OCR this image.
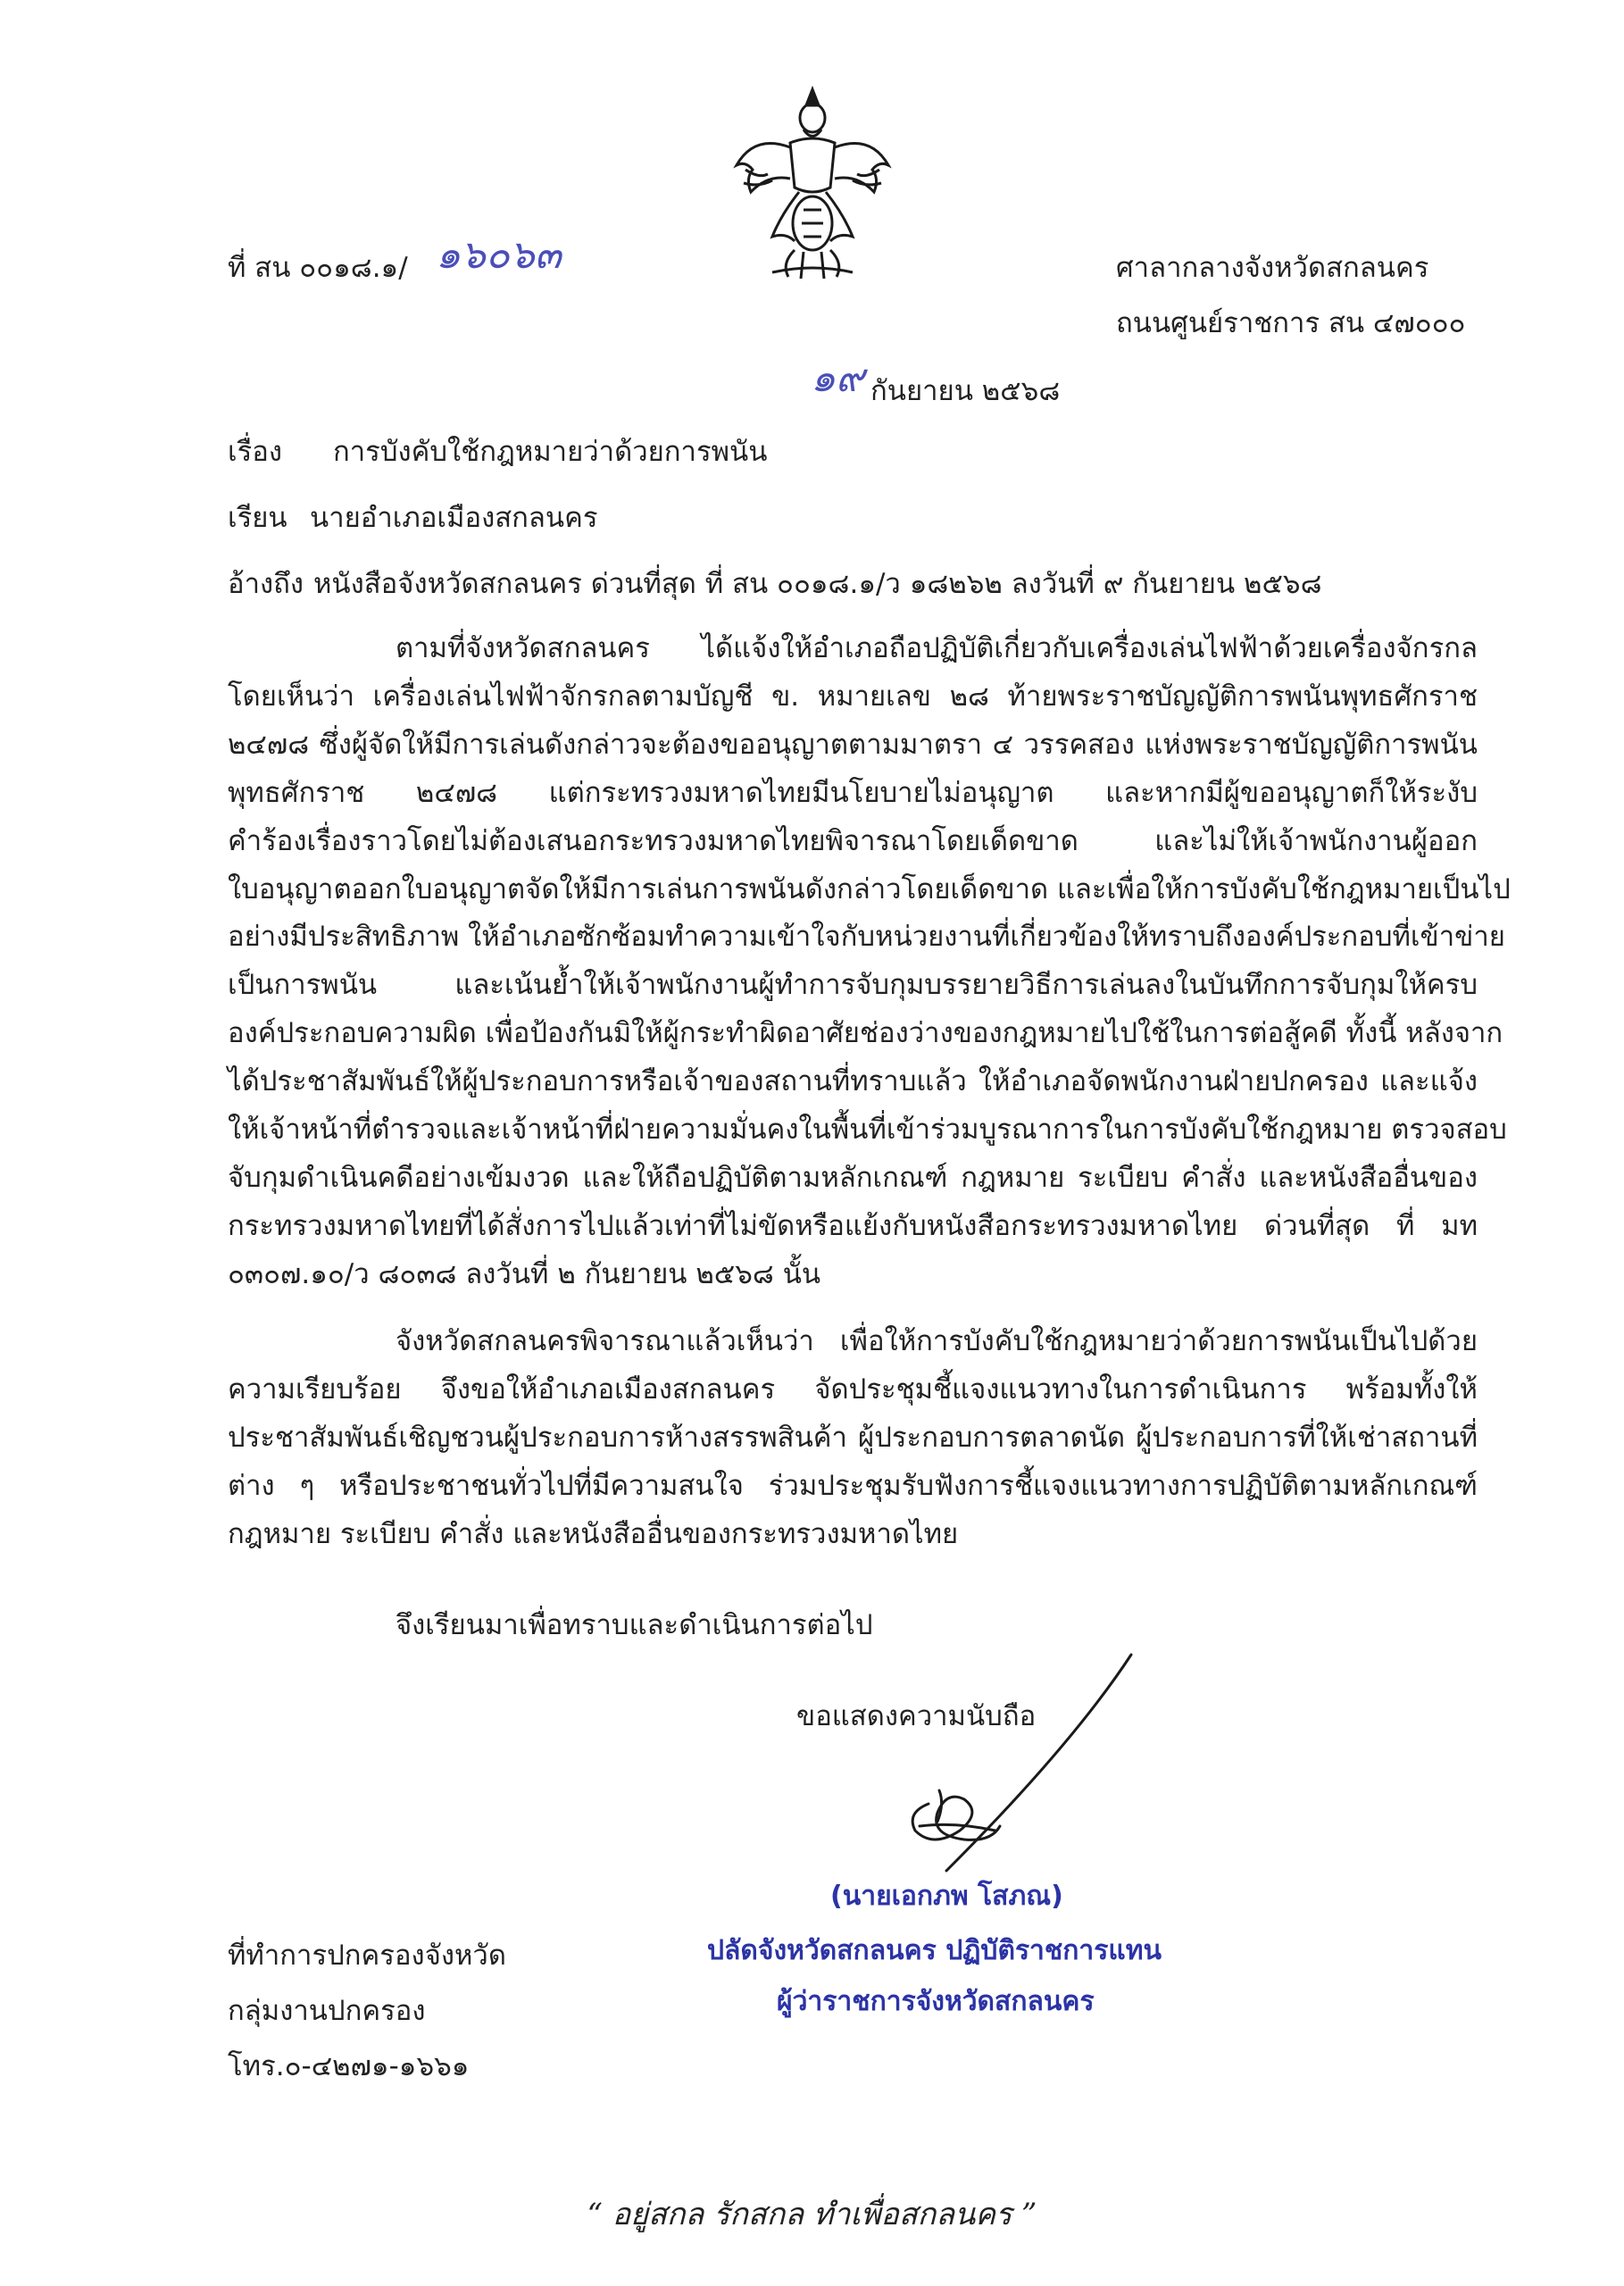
ที่ สน ๐๐๑๘.๑/ ๑๖๐๖๓	ศาลากลางจังหวัดสกลนคร
ถนนศูนย์ราชการ สน ๔๗๐๐๐
๑๙ กันยายน ๒๕๖๘
เรื่อง การบังคับใช้กฎหมายว่าด้วยการพนัน
เรียน นายอำเภอเมืองสกลนคร
อ้างถึง หนังสือจังหวัดสกลนคร ด่วนที่สุด ที่ สน ๐๐๑๘.๑/ว ๑๘๒๖๒ ลงวันที่ ๙ กันยายน ๒๕๖๘
ตามที่จังหวัดสกลนคร ได้แจ้งให้อำเภอถือปฏิบัติเกี่ยวกับเครื่องเล่นไฟฟ้าด้วยเครื่องจักรกล
โดยเห็นว่า เครื่องเล่นไฟฟ้าจักรกลตามบัญชี ข. หมายเลข ๒๘ ท้ายพระราชบัญญัติการพนันพุทธศักราช
๒๔๗๘ ซึ่งผู้จัดให้มีการเล่นดังกล่าวจะต้องขออนุญาตตามมาตรา ๔ วรรคสอง แห่งพระราชบัญญัติการพนัน
พุทธศักราช ๒๔๗๘ แต่กระทรวงมหาดไทยมีนโยบายไม่อนุญาต และหากมีผู้ขออนุญาตก็ให้ระงับ
คำร้องเรื่องราวโดยไม่ต้องเสนอกระทรวงมหาดไทยพิจารณาโดยเด็ดขาด และไม่ให้เจ้าพนักงานผู้ออก
ใบอนุญาตออกใบอนุญาตจัดให้มีการเล่นการพนันดังกล่าวโดยเด็ดขาด และเพื่อให้การบังคับใช้กฎหมายเป็นไป
อย่างมีประสิทธิภาพ ให้อำเภอซักซ้อมทำความเข้าใจกับหน่วยงานที่เกี่ยวข้องให้ทราบถึงองค์ประกอบที่เข้าข่าย
เป็นการพนัน และเน้นย้ำให้เจ้าพนักงานผู้ทำการจับกุมบรรยายวิธีการเล่นลงในบันทึกการจับกุมให้ครบ
องค์ประกอบความผิด เพื่อป้องกันมิให้ผู้กระทำผิดอาศัยช่องว่างของกฎหมายไปใช้ในการต่อสู้คดี ทั้งนี้ หลังจาก
ได้ประชาสัมพันธ์ให้ผู้ประกอบการหรือเจ้าของสถานที่ทราบแล้ว ให้อำเภอจัดพนักงานฝ่ายปกครอง และแจ้ง
ให้เจ้าหน้าที่ตำรวจและเจ้าหน้าที่ฝ่ายความมั่นคงในพื้นที่เข้าร่วมบูรณาการในการบังคับใช้กฎหมาย ตรวจสอบ
จับกุมดำเนินคดีอย่างเข้มงวด และให้ถือปฏิบัติตามหลักเกณฑ์ กฎหมาย ระเบียบ คำสั่ง และหนังสืออื่นของ
กระทรวงมหาดไทยที่ได้สั่งการไปแล้วเท่าที่ไม่ขัดหรือแย้งกับหนังสือกระทรวงมหาดไทย ด่วนที่สุด ที่ มท
๐๓๐๗.๑๐/ว ๘๐๓๘ ลงวันที่ ๒ กันยายน ๒๕๖๘ นั้น
จังหวัดสกลนครพิจารณาแล้วเห็นว่า เพื่อให้การบังคับใช้กฎหมายว่าด้วยการพนันเป็นไปด้วย
ความเรียบร้อย จึงขอให้อำเภอเมืองสกลนคร จัดประชุมชี้แจงแนวทางในการดำเนินการ พร้อมทั้งให้
ประชาสัมพันธ์เชิญชวนผู้ประกอบการห้างสรรพสินค้า ผู้ประกอบการตลาดนัด ผู้ประกอบการที่ให้เช่าสถานที่
ต่าง ๆ หรือประชาชนทั่วไปที่มีความสนใจ ร่วมประชุมรับฟังการชี้แจงแนวทางการปฏิบัติตามหลักเกณฑ์
กฎหมาย ระเบียบ คำสั่ง และหนังสืออื่นของกระทรวงมหาดไทย
จึงเรียนมาเพื่อทราบและดำเนินการต่อไป
ขอแสดงความนับถือ
(นายเอกภพ โสภณ)
ปลัดจังหวัดสกลนคร ปฏิบัติราชการแทน
ผู้ว่าราชการจังหวัดสกลนคร
ที่ทำการปกครองจังหวัด
กลุ่มงานปกครอง
โทร.๐-๔๒๗๑-๑๖๖๑
“ อยู่สกล รักสกล ทำเพื่อสกลนคร ”
